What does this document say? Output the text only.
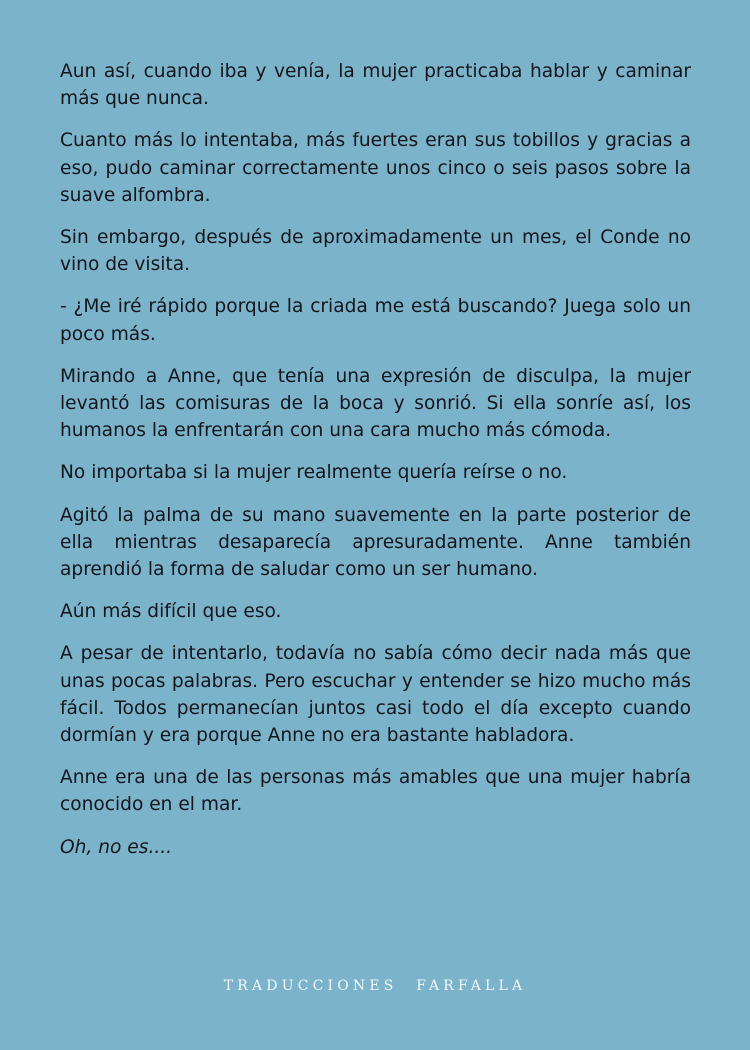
Aun así, cuando iba y venía, la mujer practicaba hablar y caminar más que nunca.

Cuanto más lo intentaba, más fuertes eran sus tobillos y gracias a eso, pudo caminar correctamente unos cinco o seis pasos sobre la suave alfombra.

Sin embargo, después de aproximadamente un mes, el Conde no vino de visita.

- ¿Me iré rápido porque la criada me está buscando? Juega solo un poco más.

Mirando a Anne, que tenía una expresión de disculpa, la mujer levantó las comisuras de la boca y sonrió. Si ella sonríe así, los humanos la enfrentarán con una cara mucho más cómoda.

No importaba si la mujer realmente quería reírse o no.

Agitó la palma de su mano suavemente en la parte posterior de ella mientras desaparecía apresuradamente. Anne también aprendió la forma de saludar como un ser humano.

Aún más difícil que eso.

A pesar de intentarlo, todavía no sabía cómo decir nada más que unas pocas palabras. Pero escuchar y entender se hizo mucho más fácil. Todos permanecían juntos casi todo el día excepto cuando dormían y era porque Anne no era bastante habladora.

Anne era una de las personas más amables que una mujer habría conocido en el mar.

Oh, no es....

TRADUCCIONES FARFALLA
